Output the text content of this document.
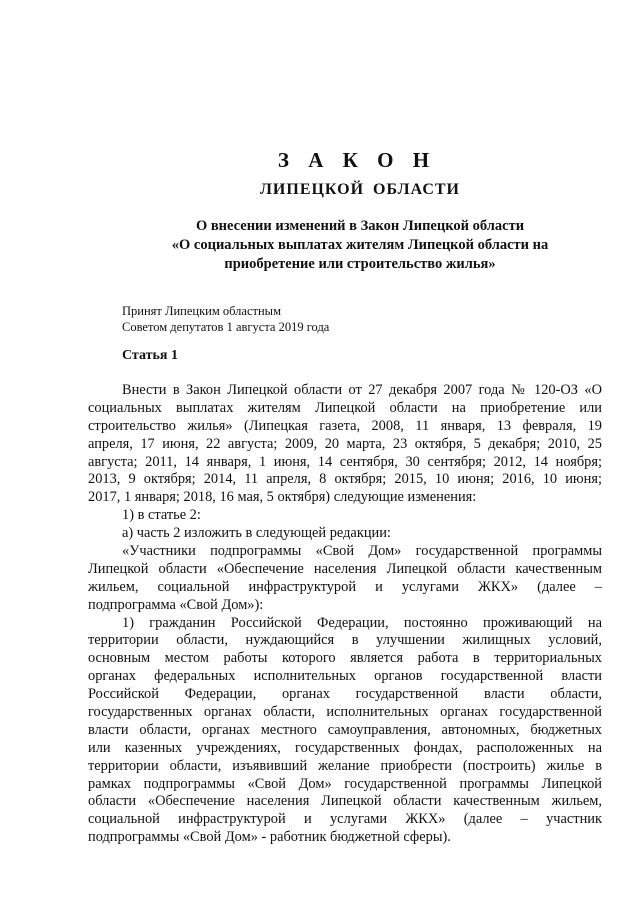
З А К О Н
ЛИПЕЦКОЙ ОБЛАСТИ
О внесении изменений в Закон Липецкой области
«О социальных выплатах жителям Липецкой области на
приобретение или строительство жилья»
Принят Липецким областным
Советом депутатов 1 августа 2019 года
Статья 1
Внести в Закон Липецкой области от 27 декабря 2007 года № 120-ОЗ «О
социальных выплатах жителям Липецкой области на приобретение или
строительство жилья» (Липецкая газета, 2008, 11 января, 13 февраля, 19
апреля, 17 июня, 22 августа; 2009, 20 марта, 23 октября, 5 декабря; 2010, 25
августа; 2011, 14 января, 1 июня, 14 сентября, 30 сентября; 2012, 14 ноября;
2013, 9 октября; 2014, 11 апреля, 8 октября; 2015, 10 июня; 2016, 10 июня;
2017, 1 января; 2018, 16 мая, 5 октября) следующие изменения:
1) в статье 2:
а) часть 2 изложить в следующей редакции:
«Участники подпрограммы «Свой Дом» государственной программы
Липецкой области «Обеспечение населения Липецкой области качественным
жильем, социальной инфраструктурой и услугами ЖКХ» (далее –
подпрограмма «Свой Дом»):
1) гражданин Российской Федерации, постоянно проживающий на
территории области, нуждающийся в улучшении жилищных условий,
основным местом работы которого является работа в территориальных
органах федеральных исполнительных органов государственной власти
Российской Федерации, органах государственной власти области,
государственных органах области, исполнительных органах государственной
власти области, органах местного самоуправления, автономных, бюджетных
или казенных учреждениях, государственных фондах, расположенных на
территории области, изъявивший желание приобрести (построить) жилье в
рамках подпрограммы «Свой Дом» государственной программы Липецкой
области «Обеспечение населения Липецкой области качественным жильем,
социальной инфраструктурой и услугами ЖКХ» (далее – участник
подпрограммы «Свой Дом» - работник бюджетной сферы).
